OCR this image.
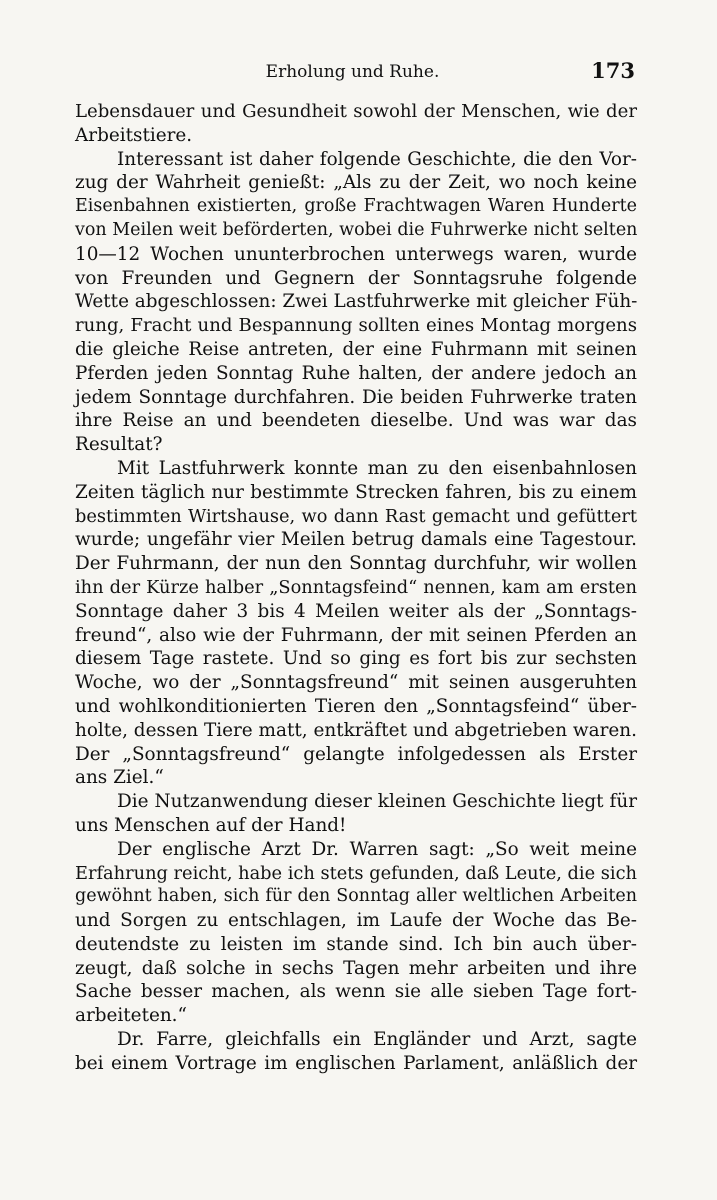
Erholung und Ruhe.	173
Lebensdauer und Gesundheit sowohl der Menschen, wie der
Arbeitstiere.
Interessant ist daher folgende Geschichte, die den Vor-
zug der Wahrheit genießt: „Als zu der Zeit, wo noch keine
Eisenbahnen existierten, große Frachtwagen Waren Hunderte
von Meilen weit beförderten, wobei die Fuhrwerke nicht selten
10—12 Wochen ununterbrochen unterwegs waren, wurde
von Freunden und Gegnern der Sonntagsruhe folgende
Wette abgeschlossen: Zwei Lastfuhrwerke mit gleicher Füh-
rung, Fracht und Bespannung sollten eines Montag morgens
die gleiche Reise antreten, der eine Fuhrmann mit seinen
Pferden jeden Sonntag Ruhe halten, der andere jedoch an
jedem Sonntage durchfahren. Die beiden Fuhrwerke traten
ihre Reise an und beendeten dieselbe. Und was war das
Resultat?
Mit Lastfuhrwerk konnte man zu den eisenbahnlosen
Zeiten täglich nur bestimmte Strecken fahren, bis zu einem
bestimmten Wirtshause, wo dann Rast gemacht und gefüttert
wurde; ungefähr vier Meilen betrug damals eine Tagestour.
Der Fuhrmann, der nun den Sonntag durchfuhr, wir wollen
ihn der Kürze halber „Sonntagsfeind“ nennen, kam am ersten
Sonntage daher 3 bis 4 Meilen weiter als der „Sonntags-
freund“, also wie der Fuhrmann, der mit seinen Pferden an
diesem Tage rastete. Und so ging es fort bis zur sechsten
Woche, wo der „Sonntagsfreund“ mit seinen ausgeruhten
und wohlkonditionierten Tieren den „Sonntagsfeind“ über-
holte, dessen Tiere matt, entkräftet und abgetrieben waren.
Der „Sonntagsfreund“ gelangte infolgedessen als Erster
ans Ziel.“
Die Nutzanwendung dieser kleinen Geschichte liegt für
uns Menschen auf der Hand!
Der englische Arzt Dr. Warren sagt: „So weit meine
Erfahrung reicht, habe ich stets gefunden, daß Leute, die sich
gewöhnt haben, sich für den Sonntag aller weltlichen Arbeiten
und Sorgen zu entschlagen, im Laufe der Woche das Be-
deutendste zu leisten im stande sind. Ich bin auch über-
zeugt, daß solche in sechs Tagen mehr arbeiten und ihre
Sache besser machen, als wenn sie alle sieben Tage fort-
arbeiteten.“
Dr. Farre, gleichfalls ein Engländer und Arzt, sagte
bei einem Vortrage im englischen Parlament, anläßlich der
